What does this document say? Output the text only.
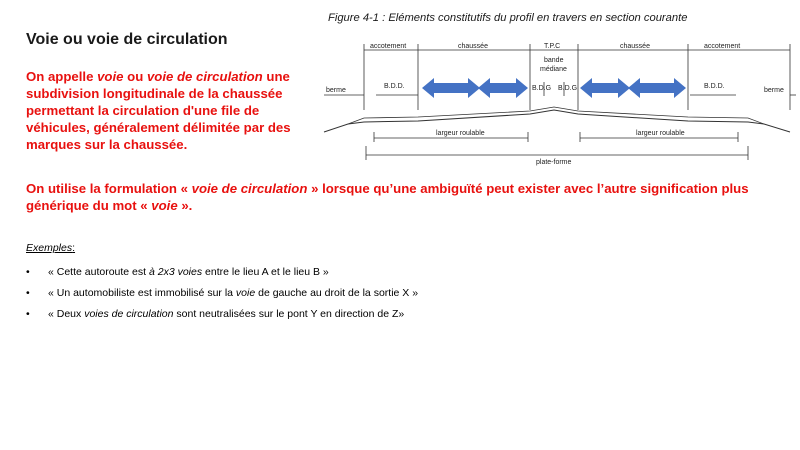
Voie ou voie de circulation
On appelle voie ou voie de circulation une subdivision longitudinale de la chaussée permettant la circulation d'une file de véhicules, généralement délimitée par des marques sur la chaussée.
Figure 4-1 : Eléments constitutifs du profil en travers en section courante
accotement	chaussée	T.P.C	chaussée	accotement
bande
médiane
berme	berme
B.D.D.	B.D.G B.D.G	B.D.D.
largeur roulable	largeur roulable
plate-forme
Voie	Voie	Voie	Voie
On utilise la formulation « voie de circulation » lorsque qu’une ambiguïté peut exister avec l’autre signification plus générique du mot « voie ».
Exemples:
• « Cette autoroute est à 2x3 voies entre le lieu A et le lieu B »
• « Un automobiliste est immobilisé sur la voie de gauche au droit de la sortie X »
• « Deux voies de circulation sont neutralisées sur le pont Y en direction de Z»
